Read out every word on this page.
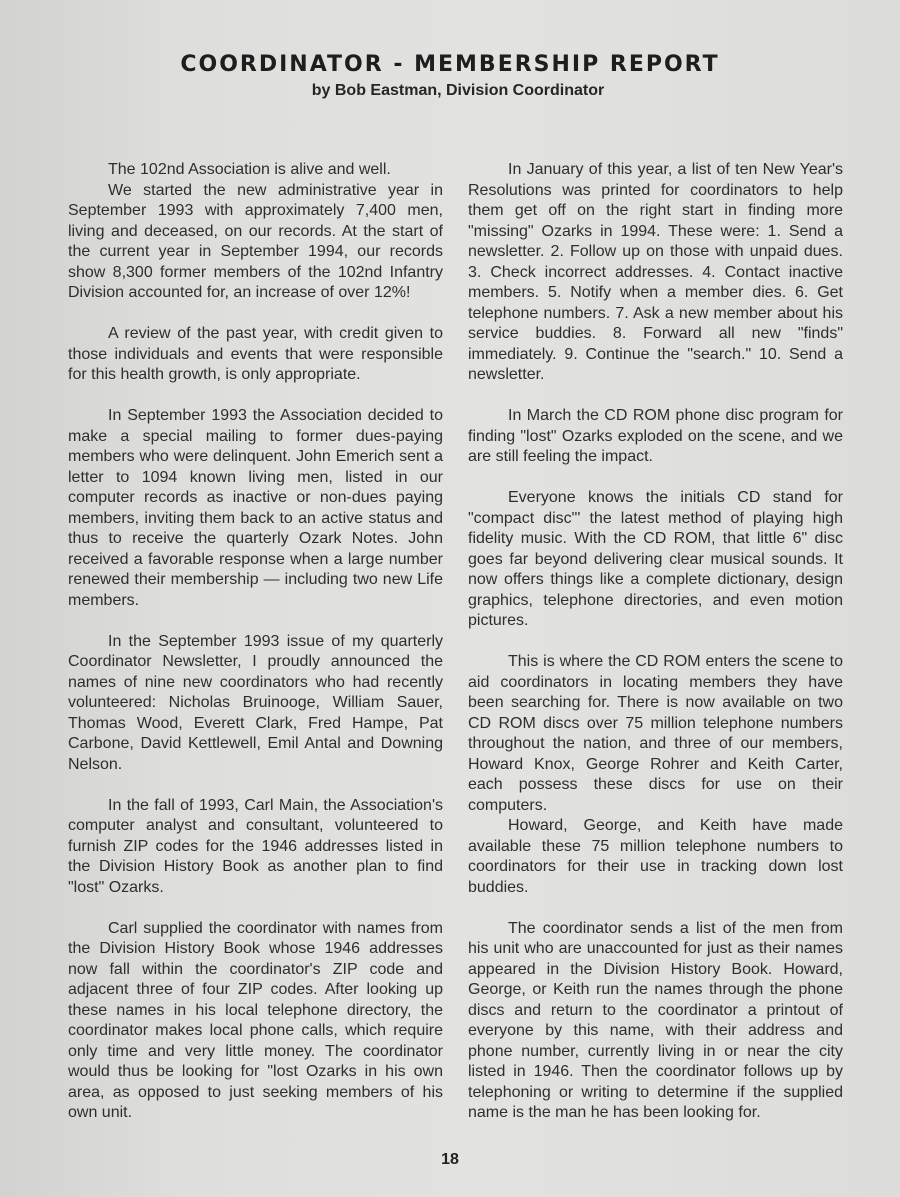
COORDINATOR - MEMBERSHIP REPORT
by Bob Eastman, Division Coordinator

The 102nd Association is alive and well.

We started the new administrative year in September 1993 with approximately 7,400 men, living and deceased, on our records. At the start of the current year in September 1994, our records show 8,300 former members of the 102nd Infantry Division accounted for, an increase of over 12%!

A review of the past year, with credit given to those individuals and events that were responsible for this health growth, is only appropriate.

In September 1993 the Association decided to make a special mailing to former dues-paying members who were delinquent. John Emerich sent a letter to 1094 known living men, listed in our computer records as inactive or non-dues paying members, inviting them back to an active status and thus to receive the quarterly Ozark Notes. John received a favorable response when a large number renewed their membership — including two new Life members.

In the September 1993 issue of my quarterly Coordinator Newsletter, I proudly announced the names of nine new coordinators who had recently volunteered: Nicholas Bruinooge, William Sauer, Thomas Wood, Everett Clark, Fred Hampe, Pat Carbone, David Kettlewell, Emil Antal and Downing Nelson.

In the fall of 1993, Carl Main, the Association's computer analyst and consultant, volunteered to furnish ZIP codes for the 1946 addresses listed in the Division History Book as another plan to find "lost" Ozarks.

Carl supplied the coordinator with names from the Division History Book whose 1946 addresses now fall within the coordinator's ZIP code and adjacent three of four ZIP codes. After looking up these names in his local telephone directory, the coordinator makes local phone calls, which require only time and very little money. The coordinator would thus be looking for "lost Ozarks in his own area, as opposed to just seeking members of his own unit.

In January of this year, a list of ten New Year's Resolutions was printed for coordinators to help them get off on the right start in finding more "missing" Ozarks in 1994. These were: 1. Send a newsletter. 2. Follow up on those with unpaid dues. 3. Check incorrect addresses. 4. Contact inactive members. 5. Notify when a member dies. 6. Get telephone numbers. 7. Ask a new member about his service buddies. 8. Forward all new "finds" immediately. 9. Continue the "search." 10. Send a newsletter.

In March the CD ROM phone disc program for finding "lost" Ozarks exploded on the scene, and we are still feeling the impact.

Everyone knows the initials CD stand for "compact disc"' the latest method of playing high fidelity music. With the CD ROM, that little 6" disc goes far beyond delivering clear musical sounds. It now offers things like a complete dictionary, design graphics, telephone directories, and even motion pictures.

This is where the CD ROM enters the scene to aid coordinators in locating members they have been searching for. There is now available on two CD ROM discs over 75 million telephone numbers throughout the nation, and three of our members, Howard Knox, George Rohrer and Keith Carter, each possess these discs for use on their computers.

Howard, George, and Keith have made available these 75 million telephone numbers to coordinators for their use in tracking down lost buddies.

The coordinator sends a list of the men from his unit who are unaccounted for just as their names appeared in the Division History Book. Howard, George, or Keith run the names through the phone discs and return to the coordinator a printout of everyone by this name, with their address and phone number, currently living in or near the city listed in 1946. Then the coordinator follows up by telephoning or writing to determine if the supplied name is the man he has been looking for.

18
